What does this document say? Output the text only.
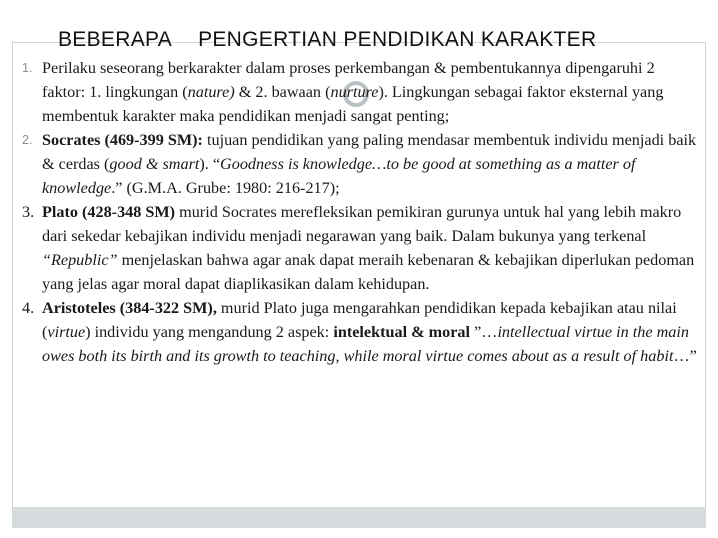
BEBERAPA PENGERTIAN PENDIDIKAN KARAKTER

1. Perilaku seseorang berkarakter dalam proses perkembangan & pembentukannya dipengaruhi 2 faktor: 1. lingkungan (nature) & 2. bawaan (nurture). Lingkungan sebagai faktor eksternal yang membentuk karakter maka pendidikan menjadi sangat penting;

2. Socrates (469-399 SM): tujuan pendidikan yang paling mendasar membentuk individu menjadi baik & cerdas (good & smart). “Goodness is knowledge…to be good at something as a matter of knowledge.” (G.M.A. Grube: 1980: 216-217);

3. Plato (428-348 SM) murid Socrates merefleksikan pemikiran gurunya untuk hal yang lebih makro dari sekedar kebajikan individu menjadi negarawan yang baik. Dalam bukunya yang terkenal “Republic” menjelaskan bahwa agar anak dapat meraih kebenaran & kebajikan diperlukan pedoman yang jelas agar moral dapat diaplikasikan dalam kehidupan.

4. Aristoteles (384-322 SM), murid Plato juga mengarahkan pendidikan kepada kebajikan atau nilai (virtue) individu yang mengandung 2 aspek: intelektual & moral ”…intellectual virtue in the main owes both its birth and its growth to teaching, while moral virtue comes about as a result of habit…”
